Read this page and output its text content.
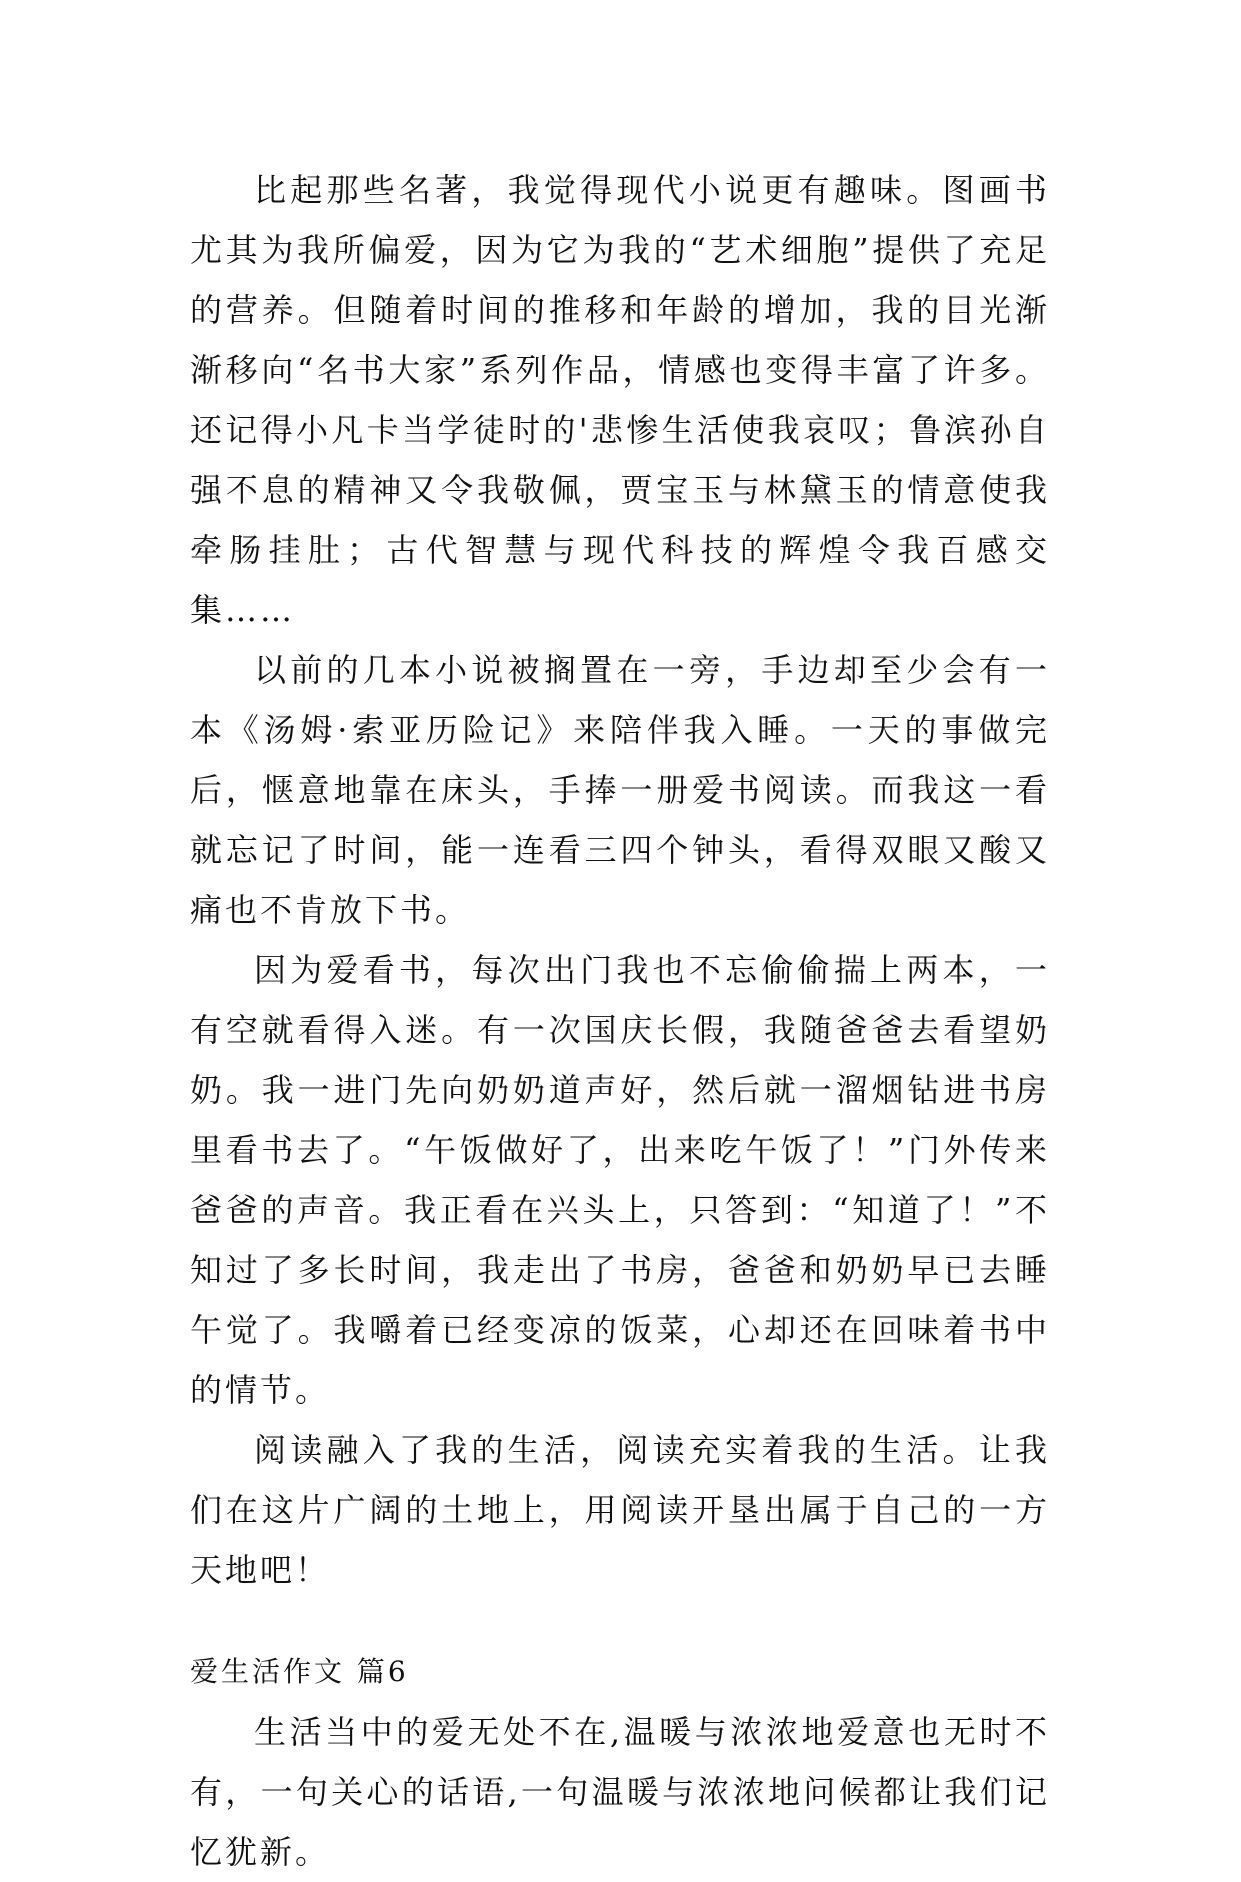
比起那些名著，我觉得现代小说更有趣味。图画书尤其为我所偏爱，因为它为我的“艺术细胞”提供了充足的营养。但随着时间的推移和年龄的增加，我的目光渐渐移向“名书大家”系列作品，情感也变得丰富了许多。还记得小凡卡当学徒时的'悲惨生活使我哀叹；鲁滨孙自强不息的精神又令我敬佩，贾宝玉与林黛玉的情意使我牵肠挂肚；古代智慧与现代科技的辉煌令我百感交集……

以前的几本小说被搁置在一旁，手边却至少会有一本《汤姆·索亚历险记》来陪伴我入睡。一天的事做完后，惬意地靠在床头，手捧一册爱书阅读。而我这一看就忘记了时间，能一连看三四个钟头，看得双眼又酸又痛也不肯放下书。

因为爱看书，每次出门我也不忘偷偷揣上两本，一有空就看得入迷。有一次国庆长假，我随爸爸去看望奶奶。我一进门先向奶奶道声好，然后就一溜烟钻进书房里看书去了。“午饭做好了，出来吃午饭了！”门外传来爸爸的声音。我正看在兴头上，只答到：“知道了！”不知过了多长时间，我走出了书房，爸爸和奶奶早已去睡午觉了。我嚼着已经变凉的饭菜，心却还在回味着书中的情节。

阅读融入了我的生活，阅读充实着我的生活。让我们在这片广阔的土地上，用阅读开垦出属于自己的一方天地吧！

爱生活作文 篇6

生活当中的爱无处不在,温暖与浓浓地爱意也无时不有，一句关心的话语,一句温暖与浓浓地问候都让我们记忆犹新。
